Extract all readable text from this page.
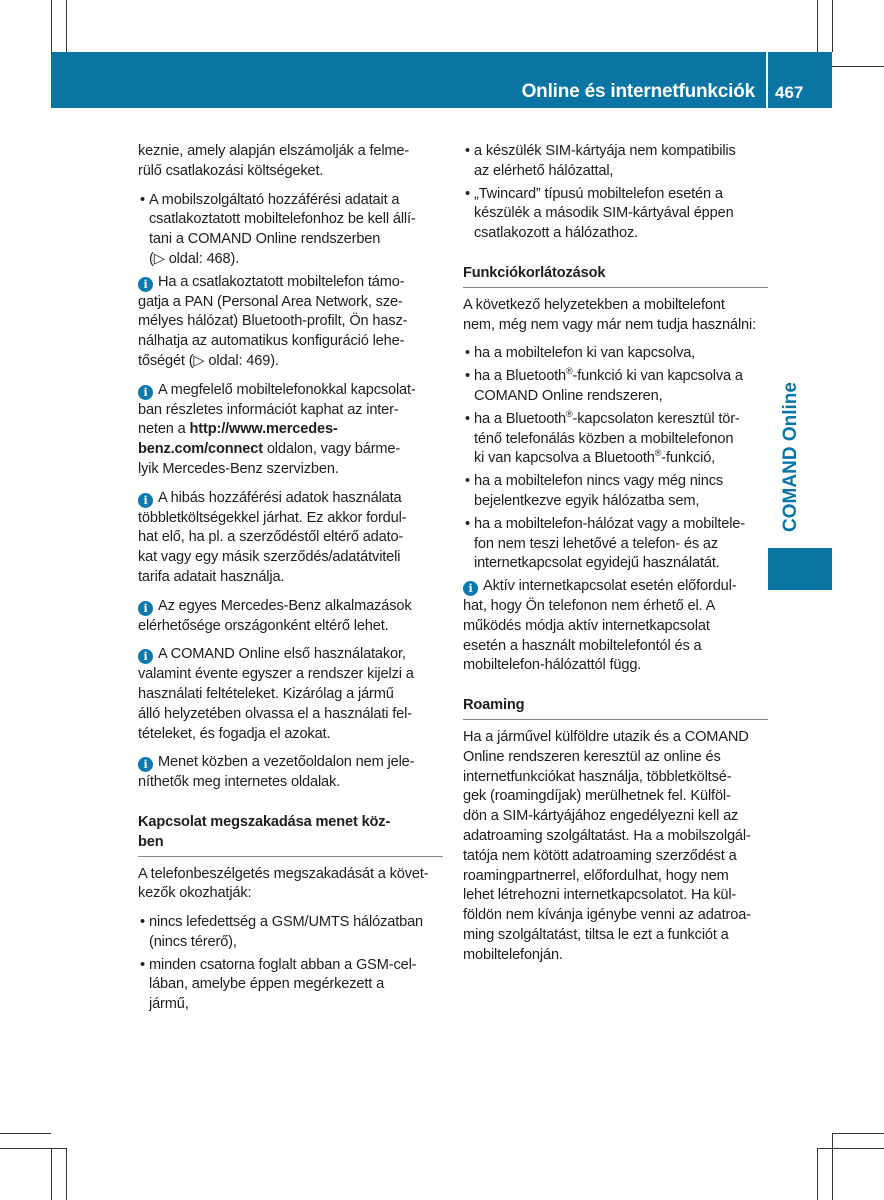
Online és internetfunkciók 467
COMAND Online
keznie, amely alapján elszámolják a felme-
rülő csatlakozási költségeket.
• A mobilszolgáltató hozzáférési adatait a
csatlakoztatott mobiltelefonhoz be kell állí-
tani a COMAND Online rendszerben
(▷ oldal: 468).
i Ha a csatlakoztatott mobiltelefon támo-
gatja a PAN (Personal Area Network, sze-
mélyes hálózat) Bluetooth-profilt, Ön hasz-
nálhatja az automatikus konfiguráció lehe-
tőségét (▷ oldal: 469).
i A megfelelő mobiltelefonokkal kapcsolat-
ban részletes információt kaphat az inter-
neten a http://www.mercedes-
benz.com/connect oldalon, vagy bárme-
lyik Mercedes-Benz szervizben.
i A hibás hozzáférési adatok használata
többletköltségekkel járhat. Ez akkor fordul-
hat elő, ha pl. a szerződéstől eltérő adato-
kat vagy egy másik szerződés/adatátviteli
tarifa adatait használja.
i Az egyes Mercedes-Benz alkalmazások
elérhetősége országonként eltérő lehet.
i A COMAND Online első használatakor,
valamint évente egyszer a rendszer kijelzi a
használati feltételeket. Kizárólag a jármű
álló helyzetében olvassa el a használati fel-
tételeket, és fogadja el azokat.
i Menet közben a vezetőoldalon nem jele-
níthetők meg internetes oldalak.
Kapcsolat megszakadása menet köz-
ben
A telefonbeszélgetés megszakadását a követ-
kezők okozhatják:
• nincs lefedettség a GSM/UMTS hálózatban
(nincs térerő),
• minden csatorna foglalt abban a GSM-cel-
lában, amelybe éppen megérkezett a
jármű,
• a készülék SIM-kártyája nem kompatibilis
az elérhető hálózattal,
• „Twincard” típusú mobiltelefon esetén a
készülék a második SIM-kártyával éppen
csatlakozott a hálózathoz.
Funkciókorlátozások
A következő helyzetekben a mobiltelefont
nem, még nem vagy már nem tudja használni:
• ha a mobiltelefon ki van kapcsolva,
• ha a Bluetooth®-funkció ki van kapcsolva a
COMAND Online rendszeren,
• ha a Bluetooth®-kapcsolaton keresztül tör-
ténő telefonálás közben a mobiltelefonon
ki van kapcsolva a Bluetooth®-funkció,
• ha a mobiltelefon nincs vagy még nincs
bejelentkezve egyik hálózatba sem,
• ha a mobiltelefon-hálózat vagy a mobiltele-
fon nem teszi lehetővé a telefon- és az
internetkapcsolat egyidejű használatát.
i Aktív internetkapcsolat esetén előfordul-
hat, hogy Ön telefonon nem érhető el. A
működés módja aktív internetkapcsolat
esetén a használt mobiltelefontól és a
mobiltelefon-hálózattól függ.
Roaming
Ha a járművel külföldre utazik és a COMAND
Online rendszeren keresztül az online és
internetfunkciókat használja, többletköltsé-
gek (roamingdíjak) merülhetnek fel. Külföl-
dön a SIM-kártyájához engedélyezni kell az
adatroaming szolgáltatást. Ha a mobilszolgál-
tatója nem kötött adatroaming szerződést a
roamingpartnerrel, előfordulhat, hogy nem
lehet létrehozni internetkapcsolatot. Ha kül-
földön nem kívánja igénybe venni az adatroa-
ming szolgáltatást, tiltsa le ezt a funkciót a
mobiltelefonján.
